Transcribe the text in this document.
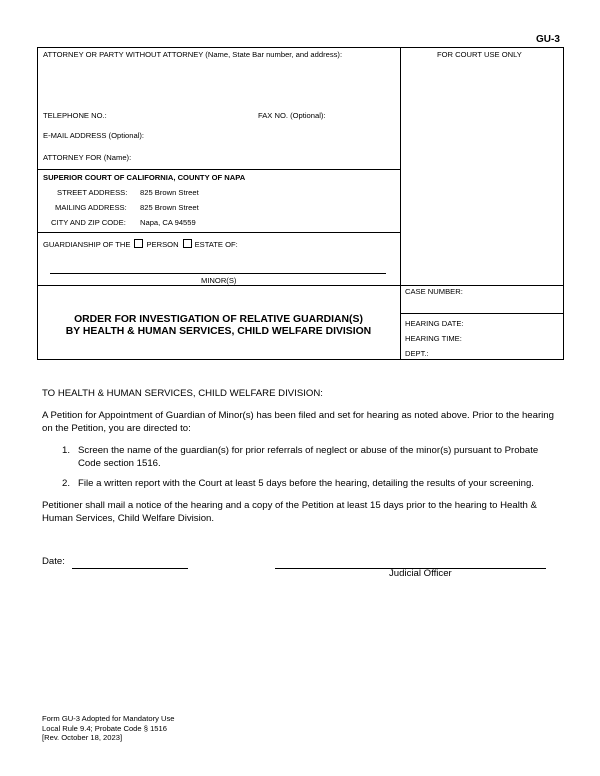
GU-3
ATTORNEY OR PARTY WITHOUT ATTORNEY (Name, State Bar number, and address):	FOR COURT USE ONLY
TELEPHONE NO.:	FAX NO. (Optional):
E-MAIL ADDRESS (Optional):
ATTORNEY FOR (Name):
SUPERIOR COURT OF CALIFORNIA, COUNTY OF NAPA
STREET ADDRESS: 825 Brown Street
MAILING ADDRESS: 825 Brown Street
CITY AND ZIP CODE: Napa, CA 94559
GUARDIANSHIP OF THE PERSON ESTATE OF:
MINOR(S)
ORDER FOR INVESTIGATION OF RELATIVE GUARDIAN(S)
BY HEALTH & HUMAN SERVICES, CHILD WELFARE DIVISION
CASE NUMBER:
HEARING DATE:
HEARING TIME:
DEPT.:
TO HEALTH & HUMAN SERVICES, CHILD WELFARE DIVISION:
A Petition for Appointment of Guardian of Minor(s) has been filed and set for hearing as noted above. Prior to the hearing on the Petition, you are directed to:
1. Screen the name of the guardian(s) for prior referrals of neglect or abuse of the minor(s) pursuant to Probate Code section 1516.
2. File a written report with the Court at least 5 days before the hearing, detailing the results of your screening.
Petitioner shall mail a notice of the hearing and a copy of the Petition at least 15 days prior to the hearing to Health & Human Services, Child Welfare Division.
Date:
Judicial Officer
Form GU-3 Adopted for Mandatory Use
Local Rule 9.4; Probate Code § 1516
[Rev. October 18, 2023]
